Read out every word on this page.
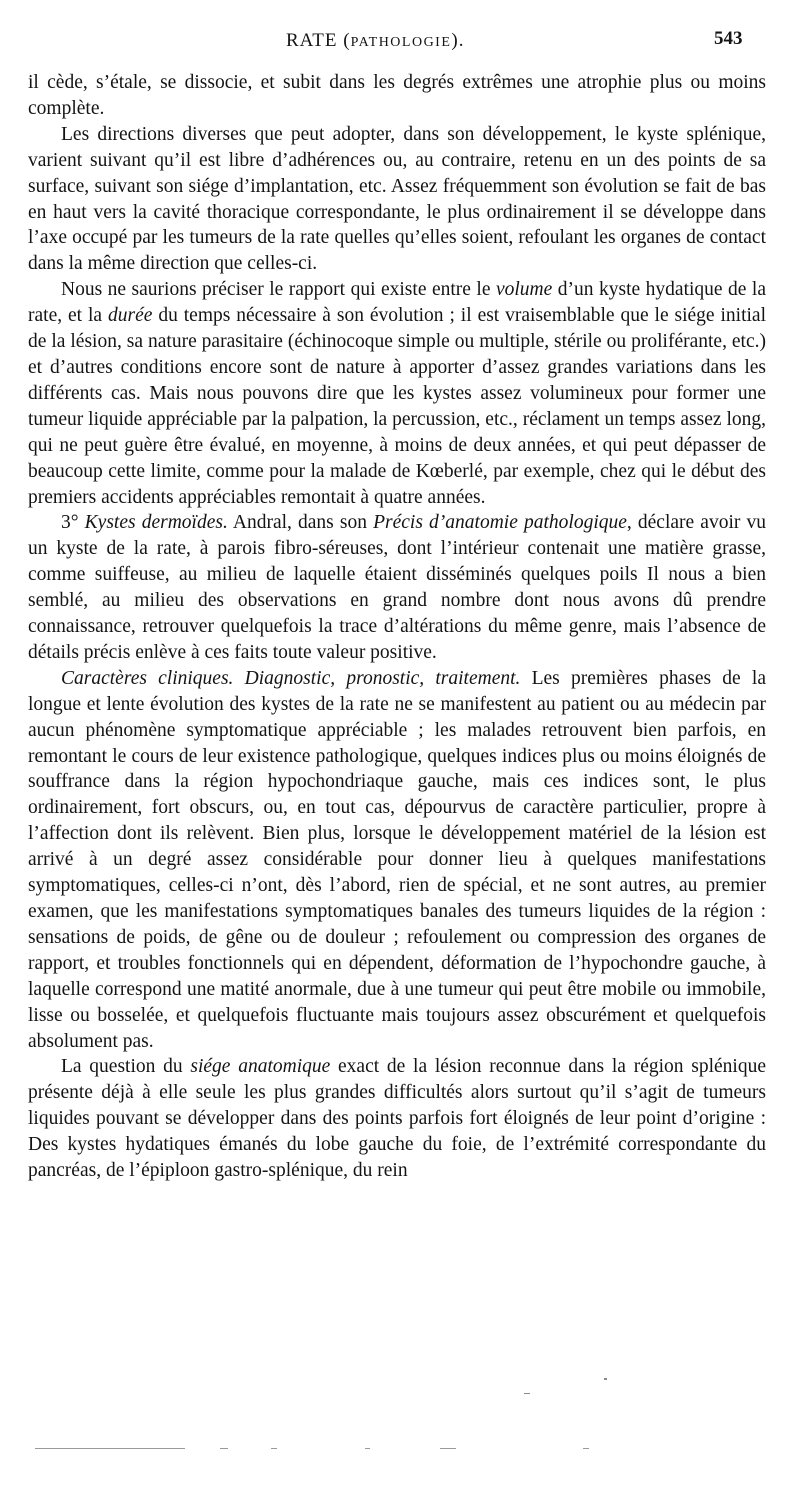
RATE (PATHOLOGIE).	543

il cède, s’étale, se dissocie, et subit dans les degrés extrêmes une atrophie plus ou moins complète.

Les directions diverses que peut adopter, dans son développement, le kyste splénique, varient suivant qu’il est libre d’adhérences ou, au contraire, retenu en un des points de sa surface, suivant son siége d’implantation, etc. Assez fréquemment son évolution se fait de bas en haut vers la cavité thoracique correspondante, le plus ordinairement il se développe dans l’axe occupé par les tumeurs de la rate quelles qu’elles soient, refoulant les organes de contact dans la même direction que celles-ci.

Nous ne saurions préciser le rapport qui existe entre le volume d’un kyste hydatique de la rate, et la durée du temps nécessaire à son évolution ; il est vraisemblable que le siége initial de la lésion, sa nature parasitaire (échinocoque simple ou multiple, stérile ou proliférante, etc.) et d’autres conditions encore sont de nature à apporter d’assez grandes variations dans les différents cas. Mais nous pouvons dire que les kystes assez volumineux pour former une tumeur liquide appréciable par la palpation, la percussion, etc., réclament un temps assez long, qui ne peut guère être évalué, en moyenne, à moins de deux années, et qui peut dépasser de beaucoup cette limite, comme pour la malade de Kœberlé, par exemple, chez qui le début des premiers accidents appréciables remontait à quatre années.

3° Kystes dermoïdes. Andral, dans son Précis d’anatomie pathologique, déclare avoir vu un kyste de la rate, à parois fibro-séreuses, dont l’intérieur contenait une matière grasse, comme suiffeuse, au milieu de laquelle étaient disséminés quelques poils Il nous a bien semblé, au milieu des observations en grand nombre dont nous avons dû prendre connaissance, retrouver quelquefois la trace d’altérations du même genre, mais l’absence de détails précis enlève à ces faits toute valeur positive.

Caractères cliniques. Diagnostic, pronostic, traitement. Les premières phases de la longue et lente évolution des kystes de la rate ne se manifestent au patient ou au médecin par aucun phénomène symptomatique appréciable ; les malades retrouvent bien parfois, en remontant le cours de leur existence pathologique, quelques indices plus ou moins éloignés de souffrance dans la région hypochondriaque gauche, mais ces indices sont, le plus ordinairement, fort obscurs, ou, en tout cas, dépourvus de caractère particulier, propre à l’affection dont ils relèvent. Bien plus, lorsque le développement matériel de la lésion est arrivé à un degré assez considérable pour donner lieu à quelques manifestations symptomatiques, celles-ci n’ont, dès l’abord, rien de spécial, et ne sont autres, au premier examen, que les manifestations symptomatiques banales des tumeurs liquides de la région : sensations de poids, de gêne ou de douleur ; refoulement ou compression des organes de rapport, et troubles fonctionnels qui en dépendent, déformation de l’hypochondre gauche, à laquelle correspond une matité anormale, due à une tumeur qui peut être mobile ou immobile, lisse ou bosselée, et quelquefois fluctuante mais toujours assez obscurément et quelquefois absolument pas.

La question du siége anatomique exact de la lésion reconnue dans la région splénique présente déjà à elle seule les plus grandes difficultés alors surtout qu’il s’agit de tumeurs liquides pouvant se développer dans des points parfois fort éloignés de leur point d’origine : Des kystes hydatiques émanés du lobe gauche du foie, de l’extrémité correspondante du pancréas, de l’épiploon gastro-splénique, du rein
